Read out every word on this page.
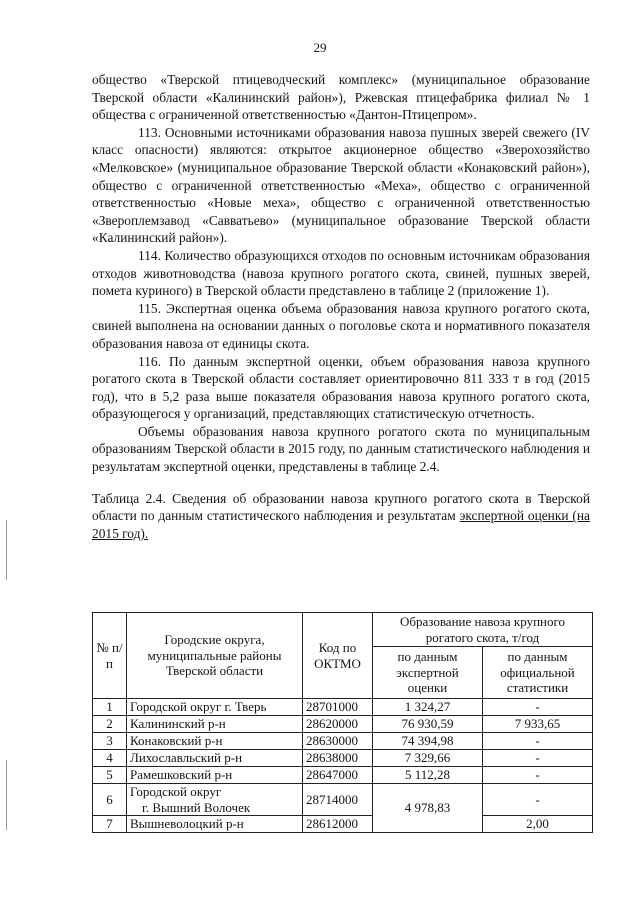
29

общество «Тверской птицеводческий комплекс» (муниципальное образование Тверской области «Калининский район»), Ржевская птицефабрика филиал № 1 общества с ограниченной ответственностью «Дантон-Птицепром».

113. Основными источниками образования навоза пушных зверей свежего (IV класс опасности) являются: открытое акционерное общество «Зверохозяйство «Мелковское» (муниципальное образование Тверской области «Конаковский район»), общество с ограниченной ответственностью «Меха», общество с ограниченной ответственностью «Новые меха», общество с ограниченной ответственностью «Звероплемзавод «Савватьево» (муниципальное образование Тверской области «Калининский район»).

114. Количество образующихся отходов по основным источникам образования отходов животноводства (навоза крупного рогатого скота, свиней, пушных зверей, помета куриного) в Тверской области представлено в таблице 2 (приложение 1).

115. Экспертная оценка объема образования навоза крупного рогатого скота, свиней выполнена на основании данных о поголовье скота и нормативного показателя образования навоза от единицы скота.

116. По данным экспертной оценки, объем образования навоза крупного рогатого скота в Тверской области составляет ориентировочно 811 333 т в год (2015 год), что в 5,2 раза выше показателя образования навоза крупного рогатого скота, образующегося у организаций, представляющих статистическую отчетность.

Объемы образования навоза крупного рогатого скота по муниципальным образованиям Тверской области в 2015 году, по данным статистического наблюдения и результатам экспертной оценки, представлены в таблице 2.4.

Таблица 2.4. Сведения об образовании навоза крупного рогатого скота в Тверской области по данным статистического наблюдения и результатам экспертной оценки (на 2015 год).

№ п/п	Городские округа, муниципальные районы Тверской области	Код по ОКТМО	Образование навоза крупного рогатого скота, т/год	
			по данным экспертной оценки	по данным официальной статистики
1	Городской округ г. Тверь	28701000	1 324,27	-
2	Калининский р-н	28620000	76 930,59	7 933,65
3	Конаковский р-н	28630000	74 394,98	-
4	Лихославльский р-н	28638000	7 329,66	-
5	Рамешковский р-н	28647000	5 112,28	-
6	Городской округ
г. Вышний Волочек	28714000	4 978,83	-
7	Вышневолоцкий р-н	28612000		2,00
